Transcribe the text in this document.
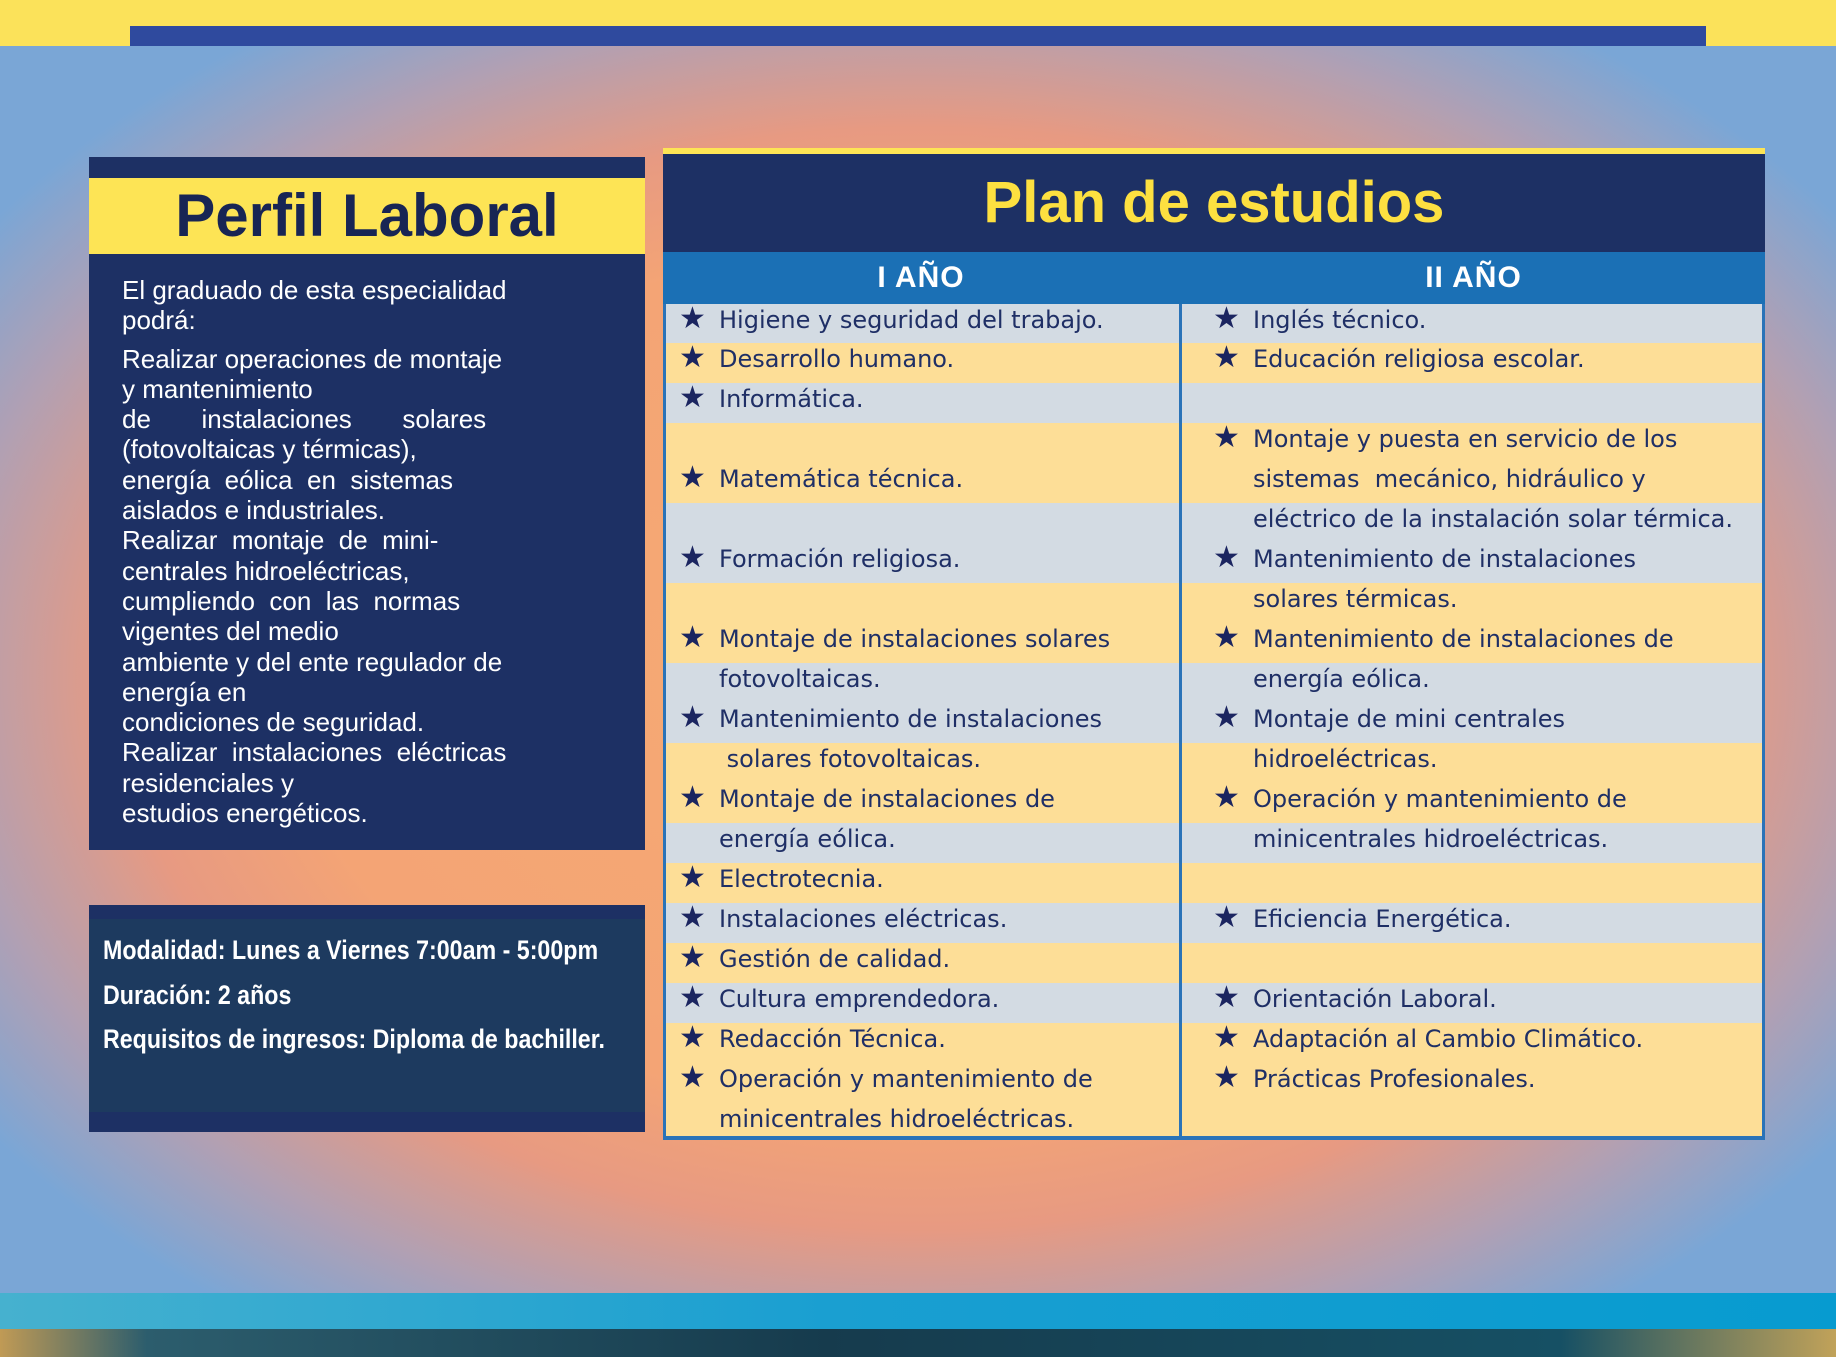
Perfil Laboral

El graduado de esta especialidad

podrá:

Realizar operaciones de montaje

y mantenimiento

de       instalaciones       solares

(fotovoltaicas y térmicas),

energía  eólica  en  sistemas

aislados e industriales.

Realizar  montaje  de  mini-

centrales hidroeléctricas,

cumpliendo  con  las  normas

vigentes del medio

ambiente y del ente regulador de

energía en

condiciones de seguridad.

Realizar  instalaciones  eléctricas

residenciales y

estudios energéticos.

Modalidad: Lunes a Viernes 7:00am - 5:00pm
Duración: 2 años
Requisitos de ingresos: Diploma de bachiller.
Plan de estudios
I AÑO	II AÑO
★ Higiene y seguridad del trabajo.
★ Desarrollo humano.
★ Informática.
★ Matemática técnica.
★ Formación religiosa.
★ Montaje de instalaciones solares
fotovoltaicas.
★ Mantenimiento de instalaciones
solares fotovoltaicas.
★ Montaje de instalaciones de
energía eólica.
★ Electrotecnia.
★ Instalaciones eléctricas.
★ Gestión de calidad.
★ Cultura emprendedora.
★ Redacción Técnica.
★ Operación y mantenimiento de
minicentrales hidroeléctricas.
★ Inglés técnico.
★ Educación religiosa escolar.
★ Montaje y puesta en servicio de los
sistemas  mecánico, hidráulico y
eléctrico de la instalación solar térmica.
★ Mantenimiento de instalaciones
solares térmicas.
★ Mantenimiento de instalaciones de
energía eólica.
★ Montaje de mini centrales
hidroeléctricas.
★ Operación y mantenimiento de
minicentrales hidroeléctricas.
★ Eficiencia Energética.
★ Orientación Laboral.
★ Adaptación al Cambio Climático.
★ Prácticas Profesionales.
